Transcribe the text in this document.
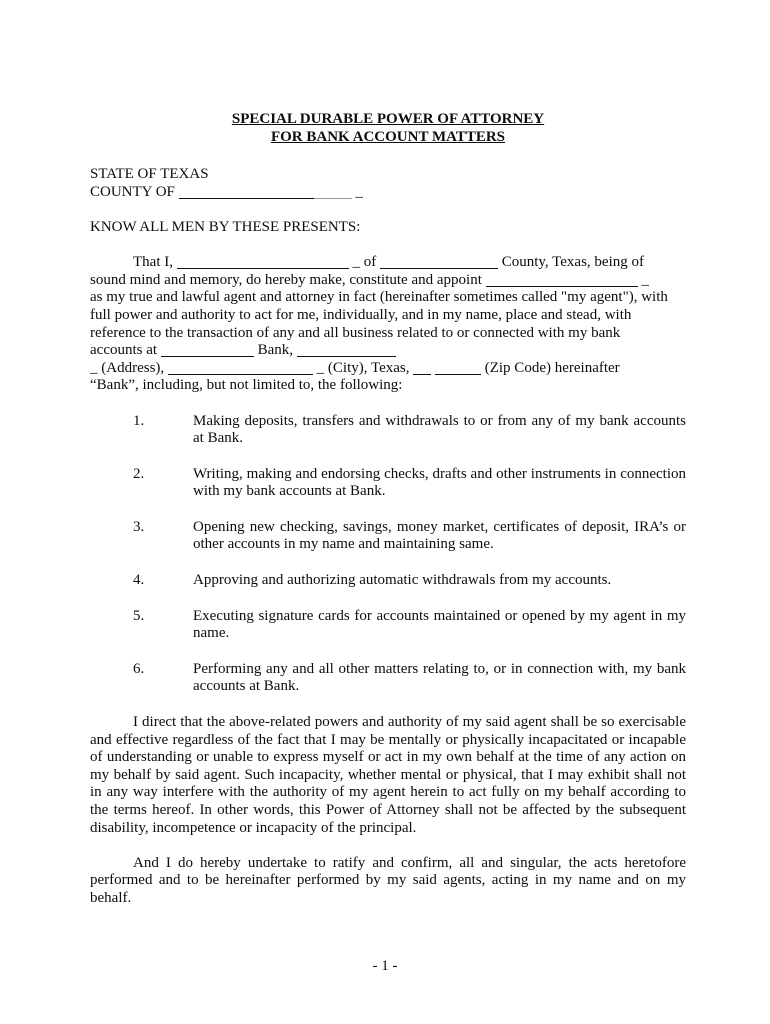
SPECIAL DURABLE POWER OF ATTORNEY
FOR BANK ACCOUNT MATTERS
STATE OF TEXAS
COUNTY OF	_
KNOW ALL MEN BY THESE PRESENTS:
That I,	_ of	County, Texas, being of
sound mind and memory, do hereby make, constitute and appoint	_
as my true and lawful agent and attorney in fact (hereinafter sometimes called "my agent"), with
full power and authority to act for me, individually, and in my name, place and stead, with
reference to the transaction of any and all business related to or connected with my bank
accounts at	Bank,
_ (Address),	_ (City), Texas,	(Zip Code) hereinafter
“Bank”, including, but not limited to, the following:
1.	Making deposits, transfers and withdrawals to or from any of my bank accounts at Bank.
2.	Writing, making and endorsing checks, drafts and other instruments in connection with my bank accounts at Bank.
3.	Opening new checking, savings, money market, certificates of deposit, IRA’s or other accounts in my name and maintaining same.
4.	Approving and authorizing automatic withdrawals from my accounts.
5.	Executing signature cards for accounts maintained or opened by my agent in my name.
6.	Performing any and all other matters relating to, or in connection with, my bank accounts at Bank.

I direct that the above-related powers and authority of my said agent shall be so exercisable and effective regardless of the fact that I may be mentally or physically incapacitated or incapable of understanding or unable to express myself or act in my own behalf at the time of any action on my behalf by said agent. Such incapacity, whether mental or physical, that I may exhibit shall not in any way interfere with the authority of my agent herein to act fully on my behalf according to the terms hereof. In other words, this Power of Attorney shall not be affected by the subsequent disability, incompetence or incapacity of the principal.

And I do hereby undertake to ratify and confirm, all and singular, the acts heretofore performed and to be hereinafter performed by my said agents, acting in my name and on my behalf.

- 1 -
